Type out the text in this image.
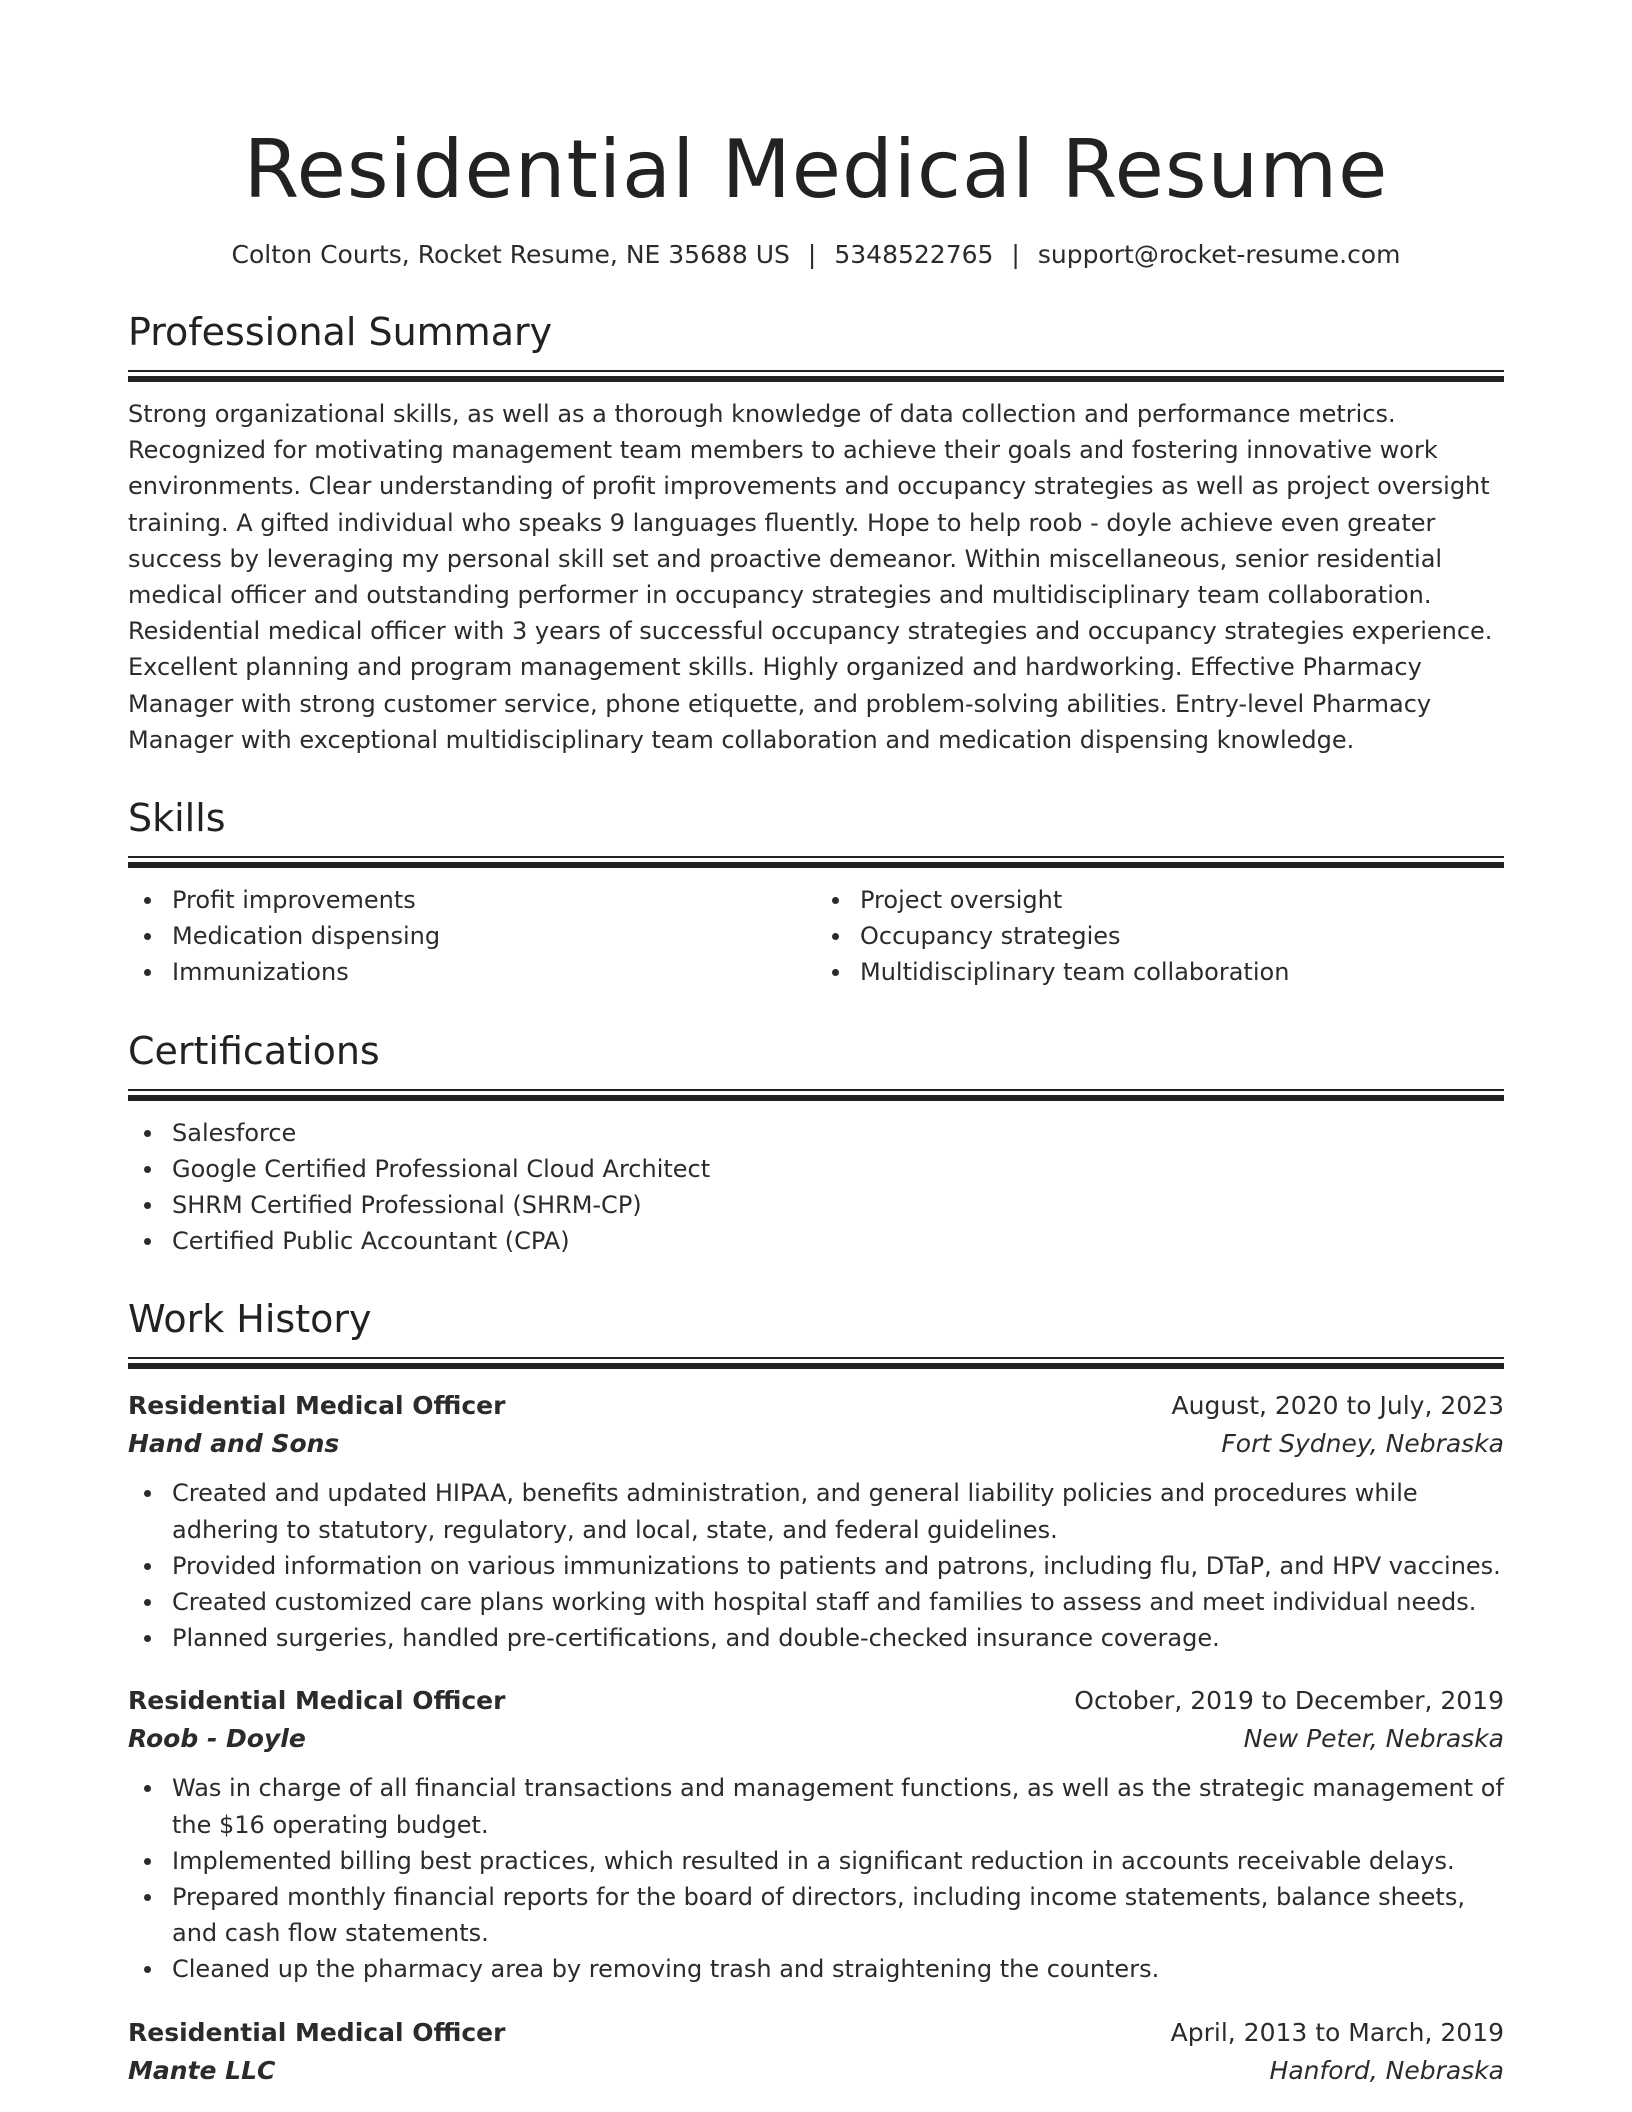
Residential Medical Resume
Colton Courts, Rocket Resume, NE 35688 US | 5348522765 | support@rocket-resume.com
Professional Summary

Strong organizational skills, as well as a thorough knowledge of data collection and performance metrics. Recognized for motivating management team members to achieve their goals and fostering innovative work environments. Clear understanding of profit improvements and occupancy strategies as well as project oversight training. A gifted individual who speaks 9 languages fluently. Hope to help roob - doyle achieve even greater success by leveraging my personal skill set and proactive demeanor. Within miscellaneous, senior residential medical officer and outstanding performer in occupancy strategies and multidisciplinary team collaboration. Residential medical officer with 3 years of successful occupancy strategies and occupancy strategies experience. Excellent planning and program management skills. Highly organized and hardworking. Effective Pharmacy Manager with strong customer service, phone etiquette, and problem-solving abilities. Entry-level Pharmacy Manager with exceptional multidisciplinary team collaboration and medication dispensing knowledge.

Skills
Profit improvements
Medication dispensing
Immunizations
Project oversight
Occupancy strategies
Multidisciplinary team collaboration
Certifications
Salesforce
Google Certified Professional Cloud Architect
SHRM Certified Professional (SHRM-CP)
Certified Public Accountant (CPA)
Work History
Residential Medical Officer	August, 2020 to July, 2023
Hand and Sons	Fort Sydney, Nebraska
Created and updated HIPAA, benefits administration, and general liability policies and procedures while adhering to statutory, regulatory, and local, state, and federal guidelines.
Provided information on various immunizations to patients and patrons, including flu, DTaP, and HPV vaccines.
Created customized care plans working with hospital staff and families to assess and meet individual needs.
Planned surgeries, handled pre-certifications, and double-checked insurance coverage.
Residential Medical Officer	October, 2019 to December, 2019
Roob - Doyle	New Peter, Nebraska
Was in charge of all financial transactions and management functions, as well as the strategic management of the $16 operating budget.
Implemented billing best practices, which resulted in a significant reduction in accounts receivable delays.
Prepared monthly financial reports for the board of directors, including income statements, balance sheets, and cash flow statements.
Cleaned up the pharmacy area by removing trash and straightening the counters.
Residential Medical Officer	April, 2013 to March, 2019
Mante LLC	Hanford, Nebraska
